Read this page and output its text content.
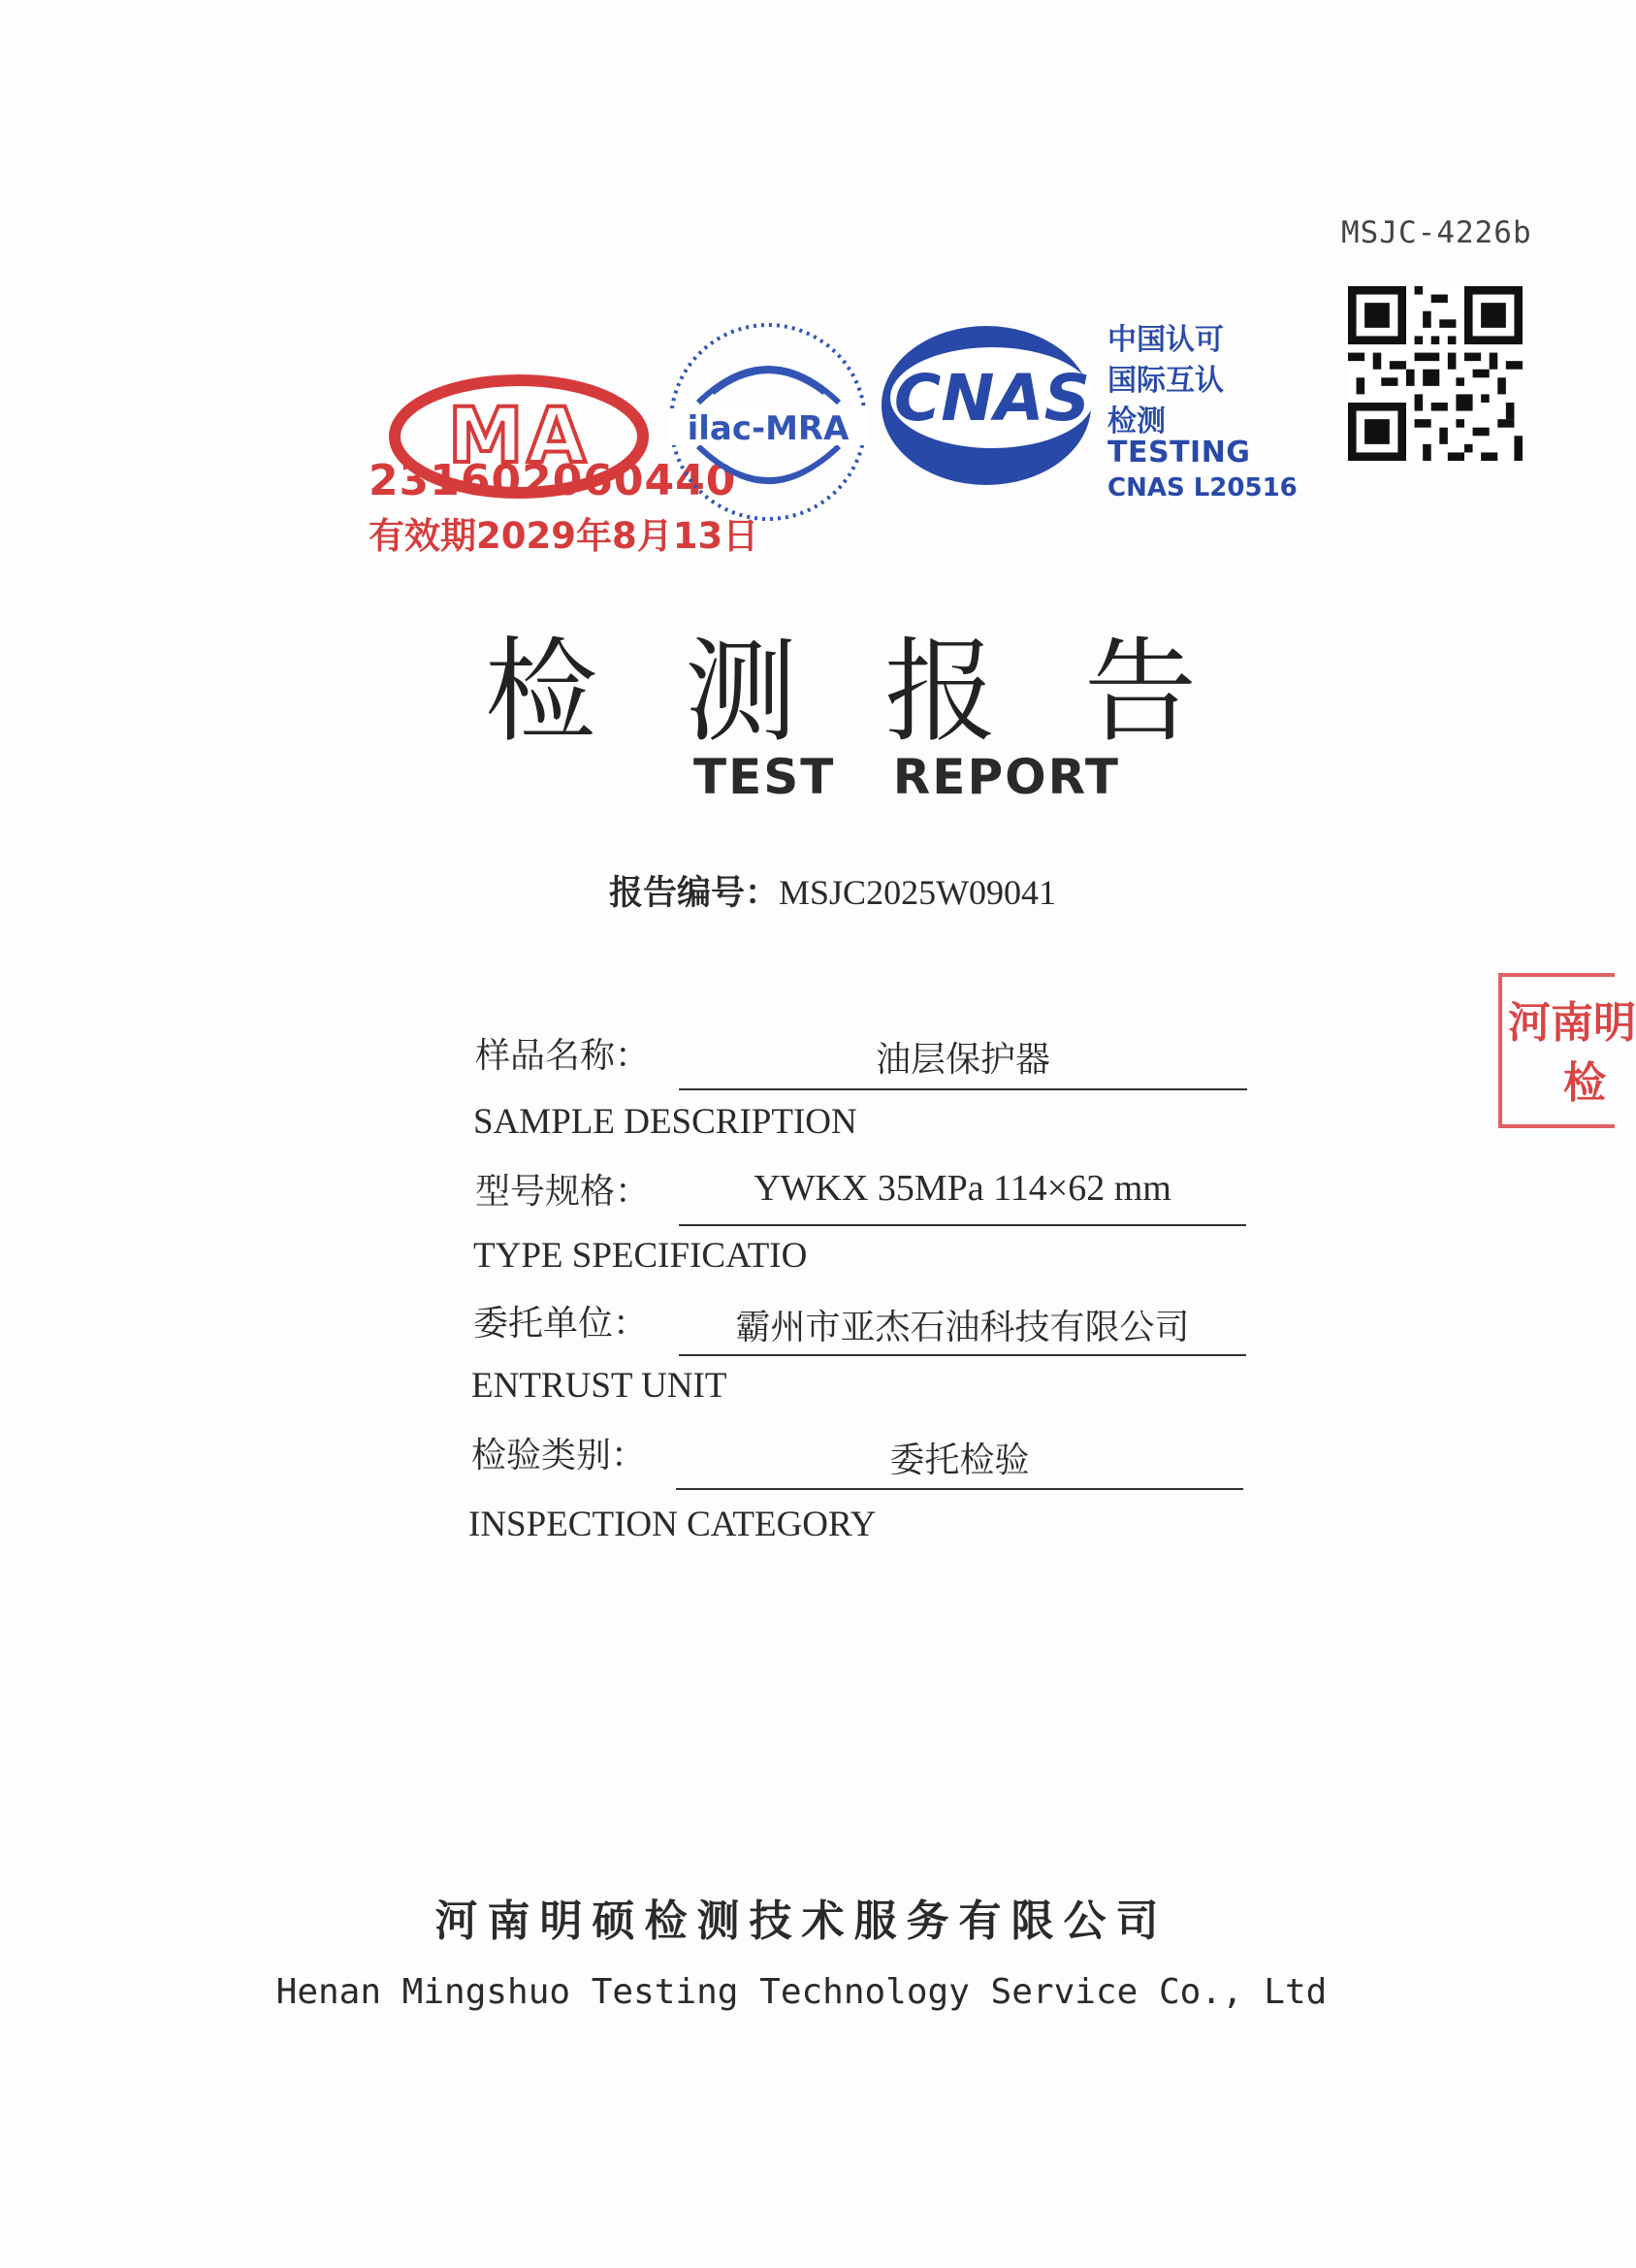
MSJC-4226b
MA
231602060440
有效期2029年8月13日
ilac-MRA CNAS
中国认可
国际互认
检测
TESTING
CNAS L20516
河南明
检
检测报告
TEST REPORT
报告编号：MSJC2025W09041
样品名称：	油层保护器
SAMPLE DESCRIPTION
型号规格：	YWKX 35MPa 114×62 mm
TYPE SPECIFICATIO
委托单位：	霸州市亚杰石油科技有限公司
ENTRUST UNIT
检验类别：	委托检验
INSPECTION CATEGORY
河南明硕检测技术服务有限公司
Henan Mingshuo Testing Technology Service Co., Ltd
